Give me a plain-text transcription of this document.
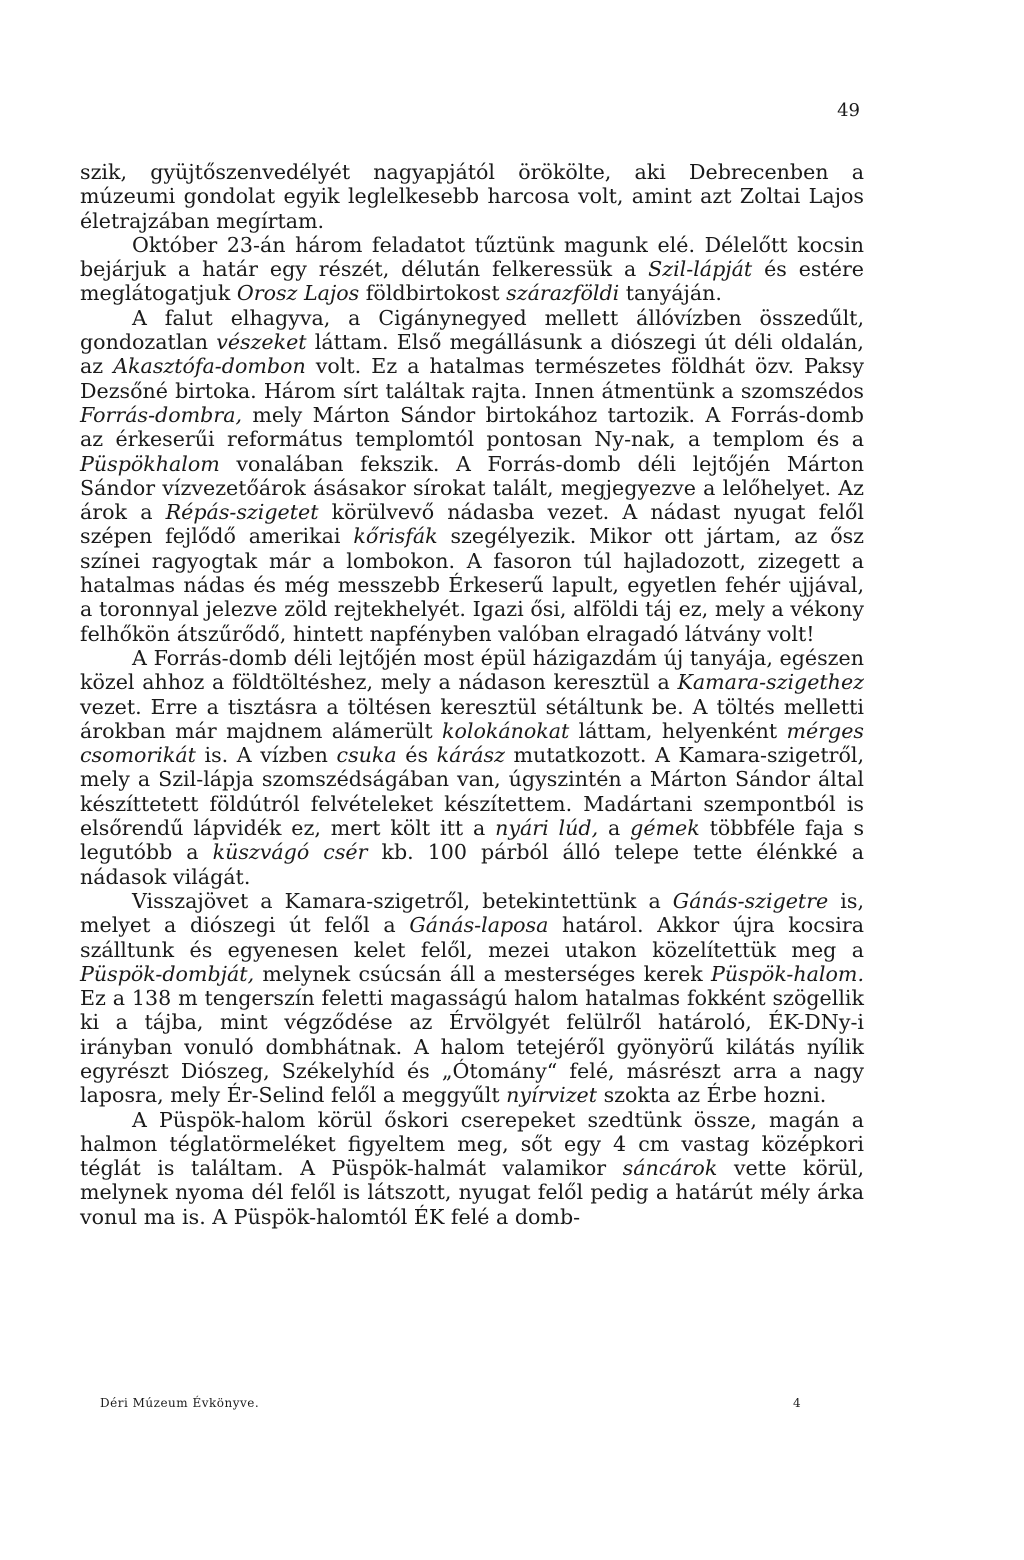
49

szik, gyüjtőszenvedélyét nagyapjától örökölte, aki Debrecenben a múzeumi gondolat egyik leglelkesebb harcosa volt, amint azt Zoltai Lajos életrajzában megírtam.

Október 23-án három feladatot tűztünk magunk elé. Délelőtt kocsin bejárjuk a határ egy részét, délután felkeressük a Szil-lápját és estére meglátogatjuk Orosz Lajos földbirtokost szárazföldi tanyáján.

A falut elhagyva, a Cigánynegyed mellett állóvízben összedűlt, gondozatlan vészeket láttam. Első megállásunk a diószegi út déli oldalán, az Akasztófa-dombon volt. Ez a hatalmas természetes földhát özv. Paksy Dezsőné birtoka. Három sírt találtak rajta. Innen átmentünk a szomszédos Forrás-dombra, mely Márton Sándor birtokához tartozik. A Forrás-domb az érkeserűi református templomtól pontosan Ny-nak, a templom és a Püspökhalom vonalában fekszik. A Forrás-domb déli lejtőjén Márton Sándor vízvezetőárok ásásakor sírokat talált, megjegyezve a lelőhelyet. Az árok a Répás-szigetet körülvevő nádasba vezet. A nádast nyugat felől szépen fejlődő amerikai kőrisfák szegélyezik. Mikor ott jártam, az ősz színei ragyogtak már a lombokon. A fasoron túl hajladozott, zizegett a hatalmas nádas és még messzebb Érkeserű lapult, egyetlen fehér ujjával, a toronnyal jelezve zöld rejtekhelyét. Igazi ősi, alföldi táj ez, mely a vékony felhőkön átszűrődő, hintett napfényben valóban elragadó látvány volt!

A Forrás-domb déli lejtőjén most épül házigazdám új tanyája, egészen közel ahhoz a földtöltéshez, mely a nádason keresztül a Kamara-szigethez vezet. Erre a tisztásra a töltésen keresztül sétáltunk be. A töltés melletti árokban már majdnem alámerült kolokánokat láttam, helyenként mérges csomorikát is. A vízben csuka és kárász mutatkozott. A Kamara-szigetről, mely a Szil-lápja szomszédságában van, úgyszintén a Márton Sándor által készíttetett földútról felvételeket készítettem. Madártani szempontból is elsőrendű lápvidék ez, mert költ itt a nyári lúd, a gémek többféle faja s legutóbb a küszvágó csér kb. 100 párból álló telepe tette élénkké a nádasok világát.

Visszajövet a Kamara-szigetről, betekintettünk a Gánás-szigetre is, melyet a diószegi út felől a Gánás-laposa határol. Akkor újra kocsira szálltunk és egyenesen kelet felől, mezei utakon közelítettük meg a Püspök-dombját, melynek csúcsán áll a mesterséges kerek Püspök-halom. Ez a 138 m tengerszín feletti magasságú halom hatalmas fokként szögellik ki a tájba, mint végződése az Érvölgyét felülről határoló, ÉK-DNy-i irányban vonuló dombhátnak. A halom tetejéről gyönyörű kilátás nyílik egyrészt Diószeg, Székelyhíd és „Ótomány“ felé, másrészt arra a nagy laposra, mely Ér-Selind felől a meggyűlt nyírvizet szokta az Érbe hozni.

A Püspök-halom körül őskori cserepeket szedtünk össze, magán a halmon téglatörmeléket figyeltem meg, sőt egy 4 cm vastag középkori téglát is találtam. A Püspök-halmát valamikor sáncárok vette körül, melynek nyoma dél felől is látszott, nyugat felől pedig a határút mély árka vonul ma is. A Püspök-halomtól ÉK felé a domb-

Déri Múzeum Évkönyve.	4
